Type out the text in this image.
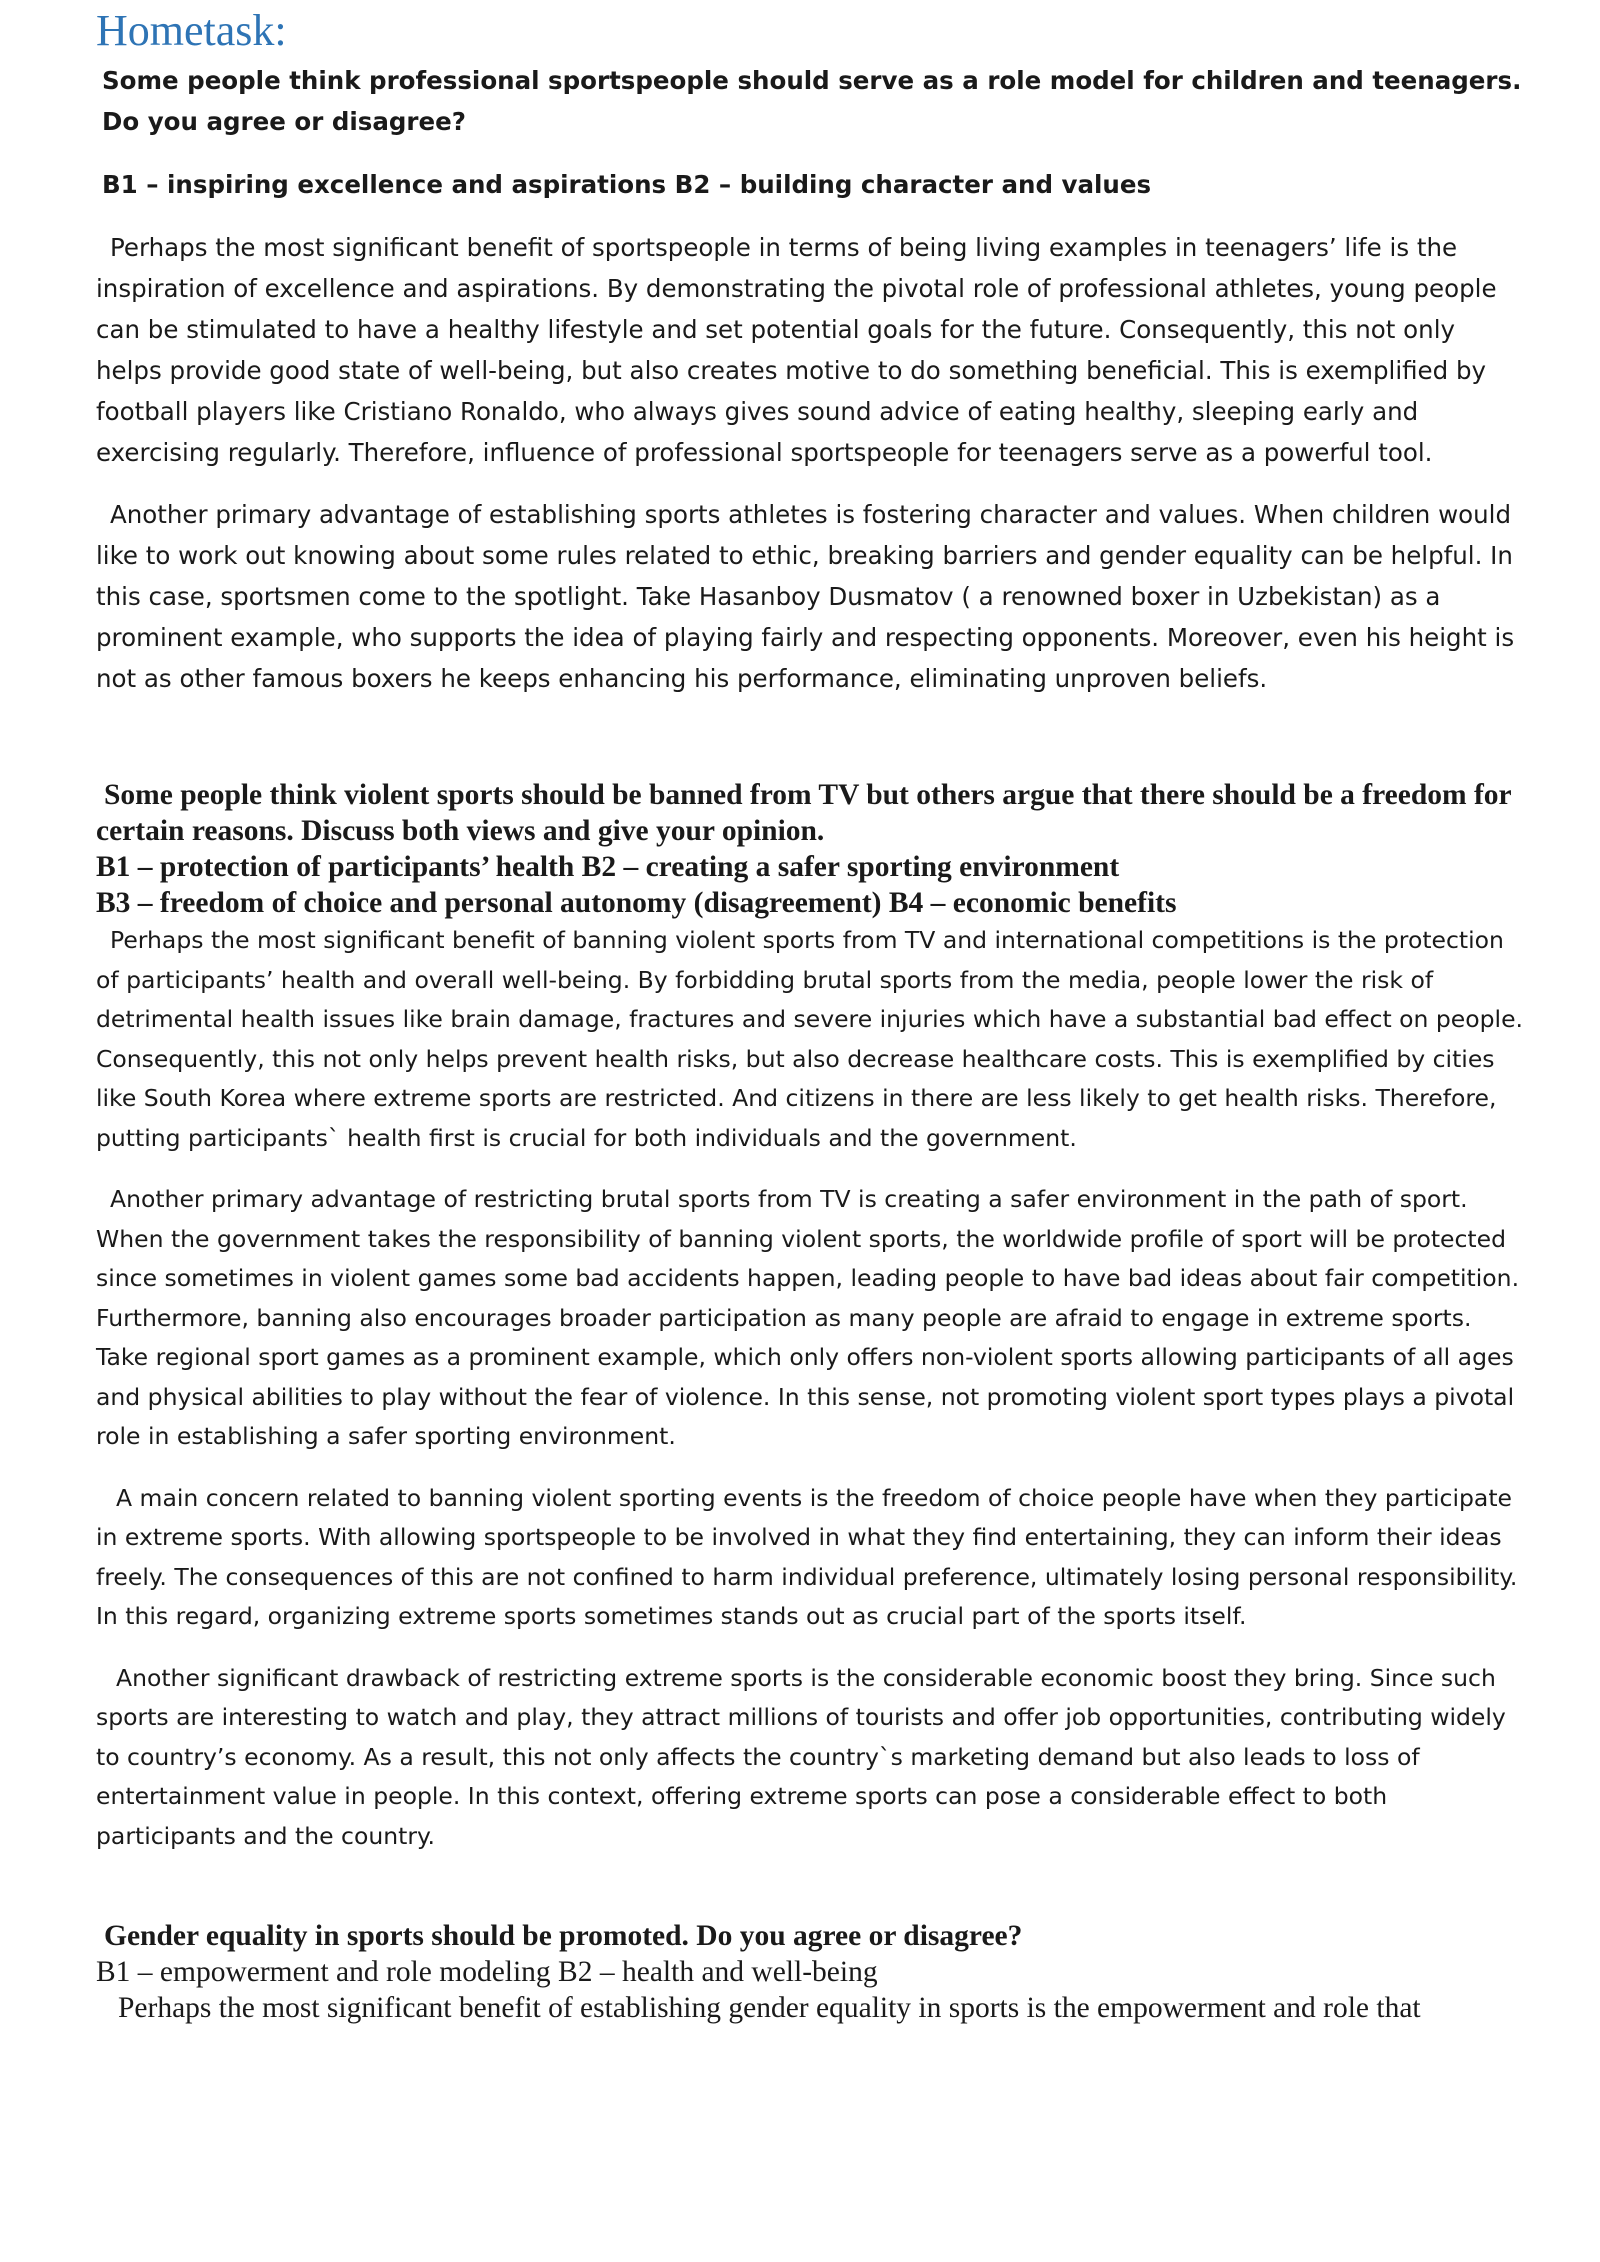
Hometask:

Some people think professional sportspeople should serve as a role model for children and teenagers. Do you agree or disagree?

B1 – inspiring excellence and aspirations B2 – building character and values

Perhaps the most significant benefit of sportspeople in terms of being living examples in teenagers’ life is the inspiration of excellence and aspirations. By demonstrating the pivotal role of professional athletes, young people can be stimulated to have a healthy lifestyle and set potential goals for the future. Consequently, this not only helps provide good state of well-being, but also creates motive to do something beneficial. This is exemplified by football players like Cristiano Ronaldo, who always gives sound advice of eating healthy, sleeping early and exercising regularly. Therefore, influence of professional sportspeople for teenagers serve as a powerful tool.

Another primary advantage of establishing sports athletes is fostering character and values. When children would like to work out knowing about some rules related to ethic, breaking barriers and gender equality can be helpful. In this case, sportsmen come to the spotlight. Take Hasanboy Dusmatov ( a renowned boxer in Uzbekistan) as a prominent example, who supports the idea of playing fairly and respecting opponents. Moreover, even his height is not as other famous boxers he keeps enhancing his performance, eliminating unproven beliefs.

Some people think violent sports should be banned from TV but others argue that there should be a freedom for certain reasons. Discuss both views and give your opinion.

B1 – protection of participants’ health B2 – creating a safer sporting environment

B3 – freedom of choice and personal autonomy (disagreement) B4 – economic benefits

Perhaps the most significant benefit of banning violent sports from TV and international competitions is the protection of participants’ health and overall well-being. By forbidding brutal sports from the media, people lower the risk of detrimental health issues like brain damage, fractures and severe injuries which have a substantial bad effect on people. Consequently, this not only helps prevent health risks, but also decrease healthcare costs. This is exemplified by cities like South Korea where extreme sports are restricted. And citizens in there are less likely to get health risks. Therefore, putting participants` health first is crucial for both individuals and the government.

Another primary advantage of restricting brutal sports from TV is creating a safer environment in the path of sport. When the government takes the responsibility of banning violent sports, the worldwide profile of sport will be protected since sometimes in violent games some bad accidents happen, leading people to have bad ideas about fair competition. Furthermore, banning also encourages broader participation as many people are afraid to engage in extreme sports. Take regional sport games as a prominent example, which only offers non-violent sports allowing participants of all ages and physical abilities to play without the fear of violence. In this sense, not promoting violent sport types plays a pivotal role in establishing a safer sporting environment.

A main concern related to banning violent sporting events is the freedom of choice people have when they participate in extreme sports. With allowing sportspeople to be involved in what they find entertaining, they can inform their ideas freely. The consequences of this are not confined to harm individual preference, ultimately losing personal responsibility. In this regard, organizing extreme sports sometimes stands out as crucial part of the sports itself.

Another significant drawback of restricting extreme sports is the considerable economic boost they bring. Since such sports are interesting to watch and play, they attract millions of tourists and offer job opportunities, contributing widely to country’s economy. As a result, this not only affects the country`s marketing demand but also leads to loss of entertainment value in people. In this context, offering extreme sports can pose a considerable effect to both participants and the country.

Gender equality in sports should be promoted. Do you agree or disagree?

B1 – empowerment and role modeling B2 – health and well-being

Perhaps the most significant benefit of establishing gender equality in sports is the empowerment and role that
